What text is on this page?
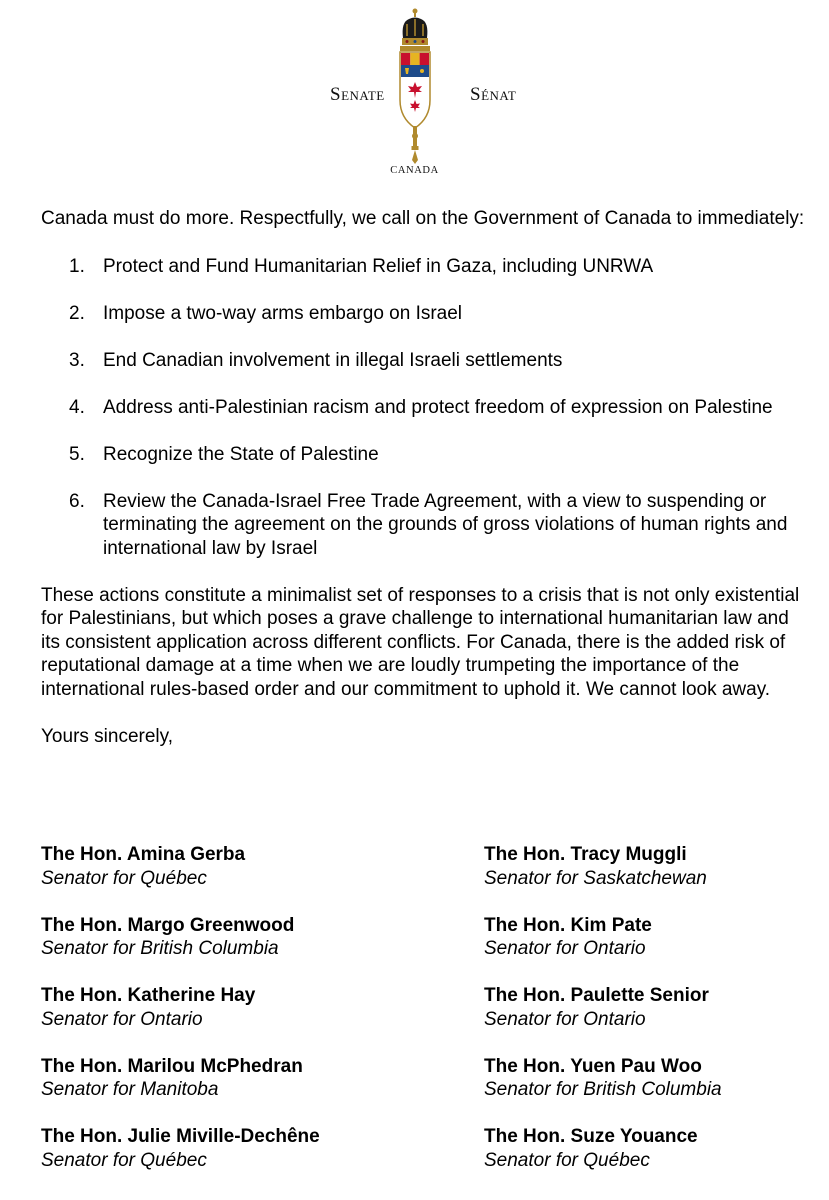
Senate	Sénat
CANADA

Canada must do more. Respectfully, we call on the Government of Canada to immediately:

1. Protect and Fund Humanitarian Relief in Gaza, including UNRWA
2. Impose a two-way arms embargo on Israel
3. End Canadian involvement in illegal Israeli settlements
4. Address anti-Palestinian racism and protect freedom of expression on Palestine
5. Recognize the State of Palestine
6. Review the Canada-Israel Free Trade Agreement, with a view to suspending or terminating the agreement on the grounds of gross violations of human rights and international law by Israel

These actions constitute a minimalist set of responses to a crisis that is not only existential for Palestinians, but which poses a grave challenge to international humanitarian law and its consistent application across different conflicts. For Canada, there is the added risk of reputational damage at a time when we are loudly trumpeting the importance of the international rules-based order and our commitment to uphold it. We cannot look away.

Yours sincerely,

The Hon. Amina Gerba
Senator for Québec
The Hon. Margo Greenwood
Senator for British Columbia
The Hon. Katherine Hay
Senator for Ontario
The Hon. Marilou McPhedran
Senator for Manitoba
The Hon. Julie Miville-Dechêne
Senator for Québec
The Hon. Tracy Muggli
Senator for Saskatchewan
The Hon. Kim Pate
Senator for Ontario
The Hon. Paulette Senior
Senator for Ontario
The Hon. Yuen Pau Woo
Senator for British Columbia
The Hon. Suze Youance
Senator for Québec
